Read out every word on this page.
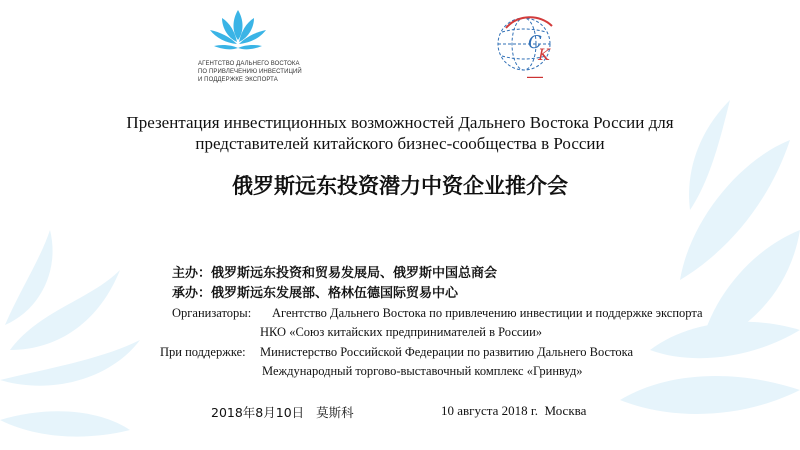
АГЕНТСТВО ДАЛЬНЕГО ВОСТОКА
ПО ПРИВЛЕЧЕНИЮ ИНВЕСТИЦИЙ
И ПОДДЕРЖКЕ ЭКСПОРТА
C
K
▬▬▬▬
Презентация инвестиционных возможностей Дальнего Востока России для
представителей китайского бизнес-сообщества в России
俄罗斯远东投资潜力中资企业推介会
主办：俄罗斯远东投资和贸易发展局、俄罗斯中国总商会
承办：俄罗斯远东发展部、格林伍德国际贸易中心
Организаторы: Агентство Дальнего Востока по привлечению инвестиции и поддержке экспорта
НКО «Союз китайских предпринимателей в России»
При поддержке: Министерство Российской Федерации по развитию Дальнего Востока
Международный торгово-выставочный комплекс «Гринвуд»
2018年8月10日   莫斯科	10 августа 2018 г.  Москва
